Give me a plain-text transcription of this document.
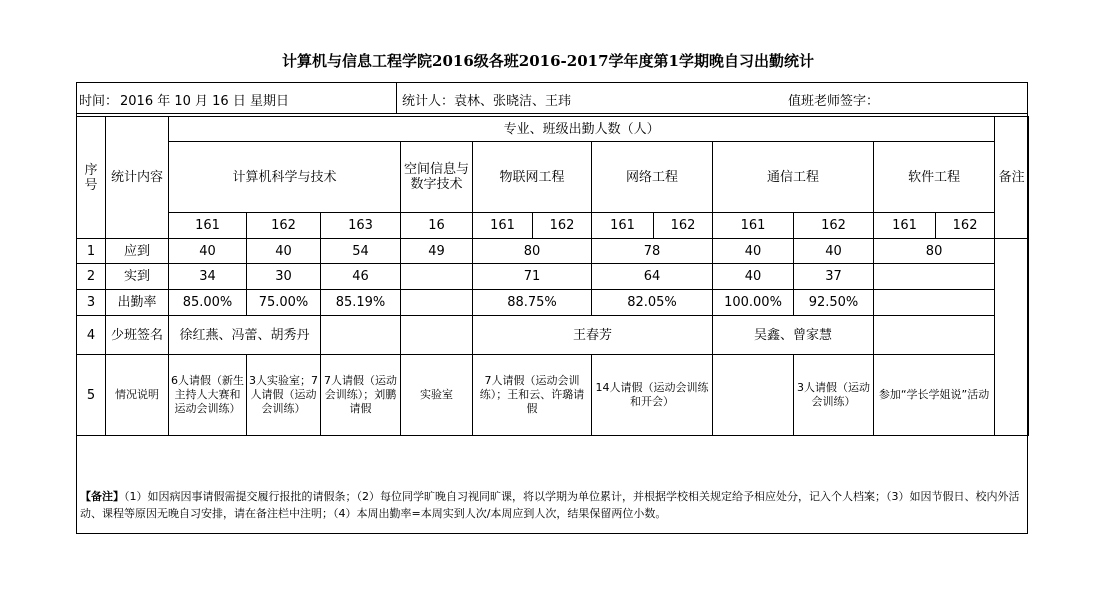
计算机与信息工程学院2016级各班2016-2017学年度第1学期晚自习出勤统计
时间： 2016 年 10 月 16 日 星期日	统计人：袁林、张晓洁、王玮	值班老师签字：
序号	统计内容	专业、班级出勤人数（人）												备注
		计算机科学与技术			空间信息与数字技术	物联网工程		网络工程		通信工程		软件工程		
		161	162	163	16	161	162	161	162	161	162	161	162	
1	应到	40	40	54	49	80		78		40	40	80		
2	实到	34	30	46		71		64		40	37			
3	出勤率	85.00%	75.00%	85.19%		88.75%		82.05%		100.00%	92.50%			
4	少班签名	徐红燕、冯蕾、胡秀丹				王春芳				吴鑫、曾家慧				
5	情况说明	6人请假（新生主持人大赛和运动会训练）	3人实验室；7人请假（运动会训练）	7人请假（运动会训练）；刘鹏请假	实验室	7人请假（运动会训练）；王和云、许璐请假		14人请假（运动会训练和开会）			3人请假（运动会训练）	参加“学长学姐说”活动		
【备注】（1）如因病因事请假需提交履行报批的请假条；（2）每位同学旷晚自习视同旷课，将以学期为单位累计，并根据学校相关规定给予相应处分，记入个人档案；（3）如因节假日、校内外活动、课程等原因无晚自习安排，请在备注栏中注明；（4）本周出勤率=本周实到人次/本周应到人次，结果保留两位小数。
